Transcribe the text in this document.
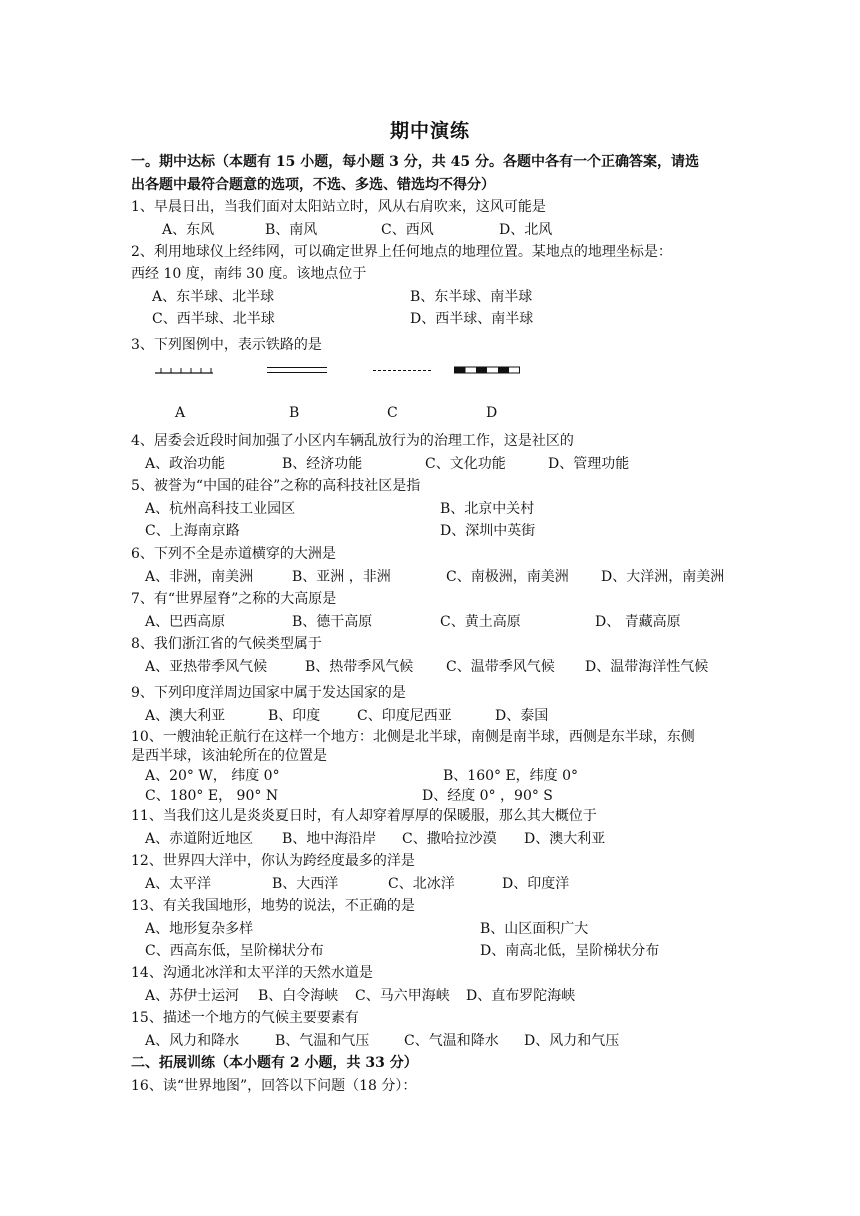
期中演练
一。期中达标（本题有 15 小题，每小题 3 分，共 45 分。各题中各有一个正确答案，请选
出各题中最符合题意的选项，不选、多选、错选均不得分）
1、早晨日出，当我们面对太阳站立时，风从右肩吹来，这风可能是
A、东风	B、南风	C、西风	D、北风
2、利用地球仪上经纬网，可以确定世界上任何地点的地理位置。某地点的地理坐标是：
西经 10 度，南纬 30 度。该地点位于
A、东半球、北半球	B、东半球、南半球
C、西半球、北半球	D、西半球、南半球
3、下列图例中，表示铁路的是
A	B	C	D
4、居委会近段时间加强了小区内车辆乱放行为的治理工作，这是社区的
A、政治功能	B、经济功能	C、文化功能	D、管理功能
5、被誉为“中国的硅谷”之称的高科技社区是指
A、杭州高科技工业园区	B、北京中关村
C、上海南京路	D、深圳中英街
6、下列不全是赤道横穿的大洲是
A、非洲，南美洲	B、亚洲 ，非洲	C、南极洲，南美洲 D、大洋洲，南美洲
7、有“世界屋脊”之称的大高原是
A、巴西高原	B、德干高原	C、黄土高原	D、 青藏高原
8、我们浙江省的气候类型属于
A、亚热带季风气候	B、热带季风气候 C、温带季风气候 D、温带海洋性气候
9、下列印度洋周边国家中属于发达国家的是
A、澳大利亚	B、印度	C、印度尼西亚	D、泰国
10、一艘油轮正航行在这样一个地方：北侧是北半球，南侧是南半球，西侧是东半球，东侧
是西半球，该油轮所在的位置是
A、20° W， 纬度 0°	B、160° E，纬度 0°
C、180° E， 90° N	D、经度 0° ，90° S
11、当我们这儿是炎炎夏日时，有人却穿着厚厚的保暖服，那么其大概位于
A、赤道附近地区 B、地中海沿岸 C、撒哈拉沙漠 D、澳大利亚
12、世界四大洋中，你认为跨经度最多的洋是
A、太平洋	B、大西洋	C、北冰洋	D、印度洋
13、有关我国地形，地势的说法，不正确的是
A、地形复杂多样	B、山区面积广大
C、西高东低，呈阶梯状分布	D、南高北低，呈阶梯状分布
14、沟通北冰洋和太平洋的天然水道是
A、苏伊士运河 B、白令海峡 C、马六甲海峡 D、直布罗陀海峡
15、描述一个地方的气候主要要素有
A、风力和降水	B、气温和气压 C、气温和降水 D、风力和气压
二、拓展训练（本小题有 2 小题，共 33 分）
16、读“世界地图”，回答以下问题（18 分）：
